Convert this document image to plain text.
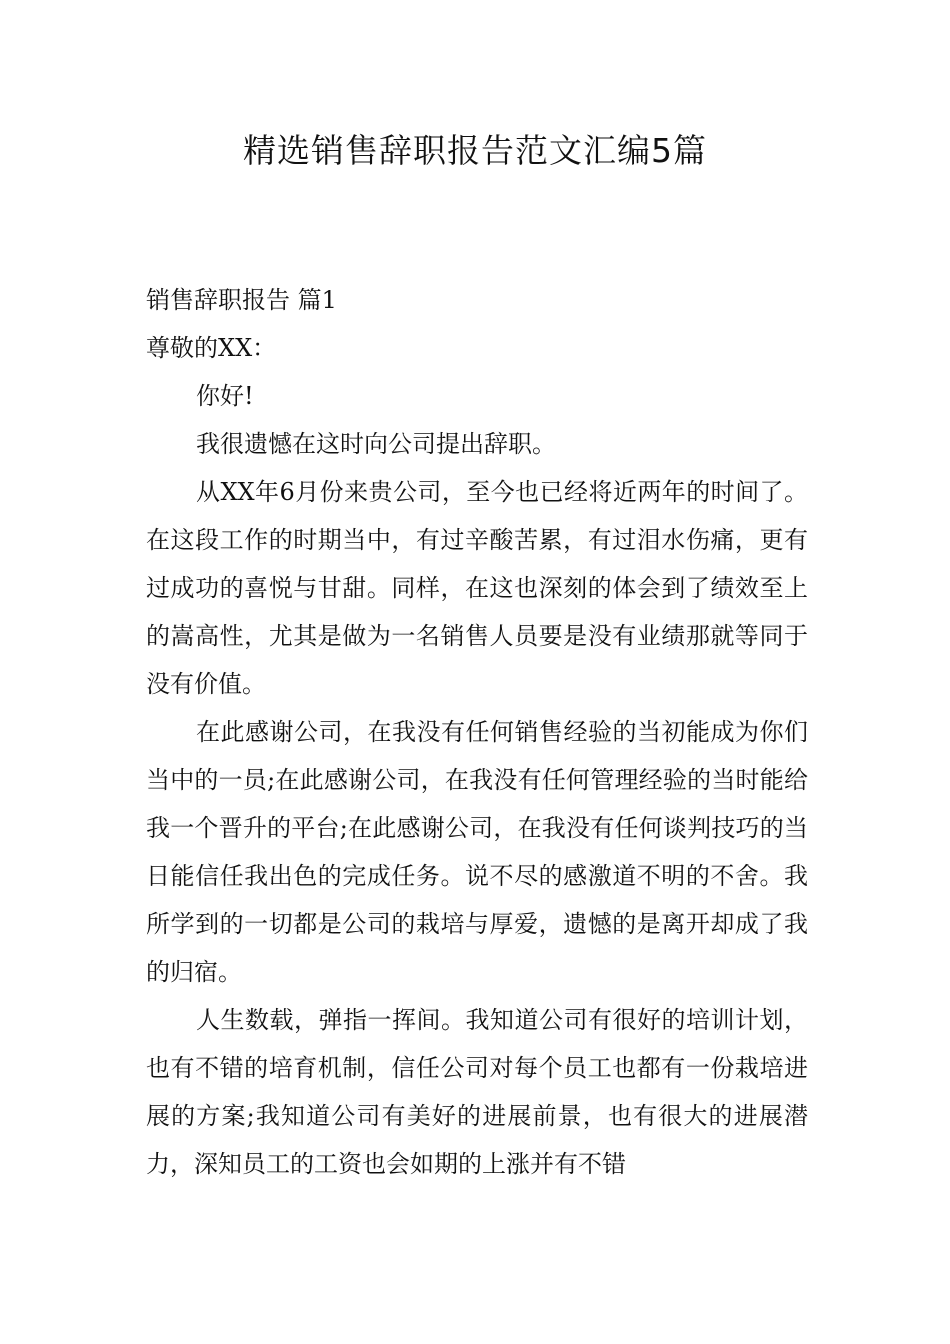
精选销售辞职报告范文汇编5篇

销售辞职报告 篇1

尊敬的XX：

你好!

我很遗憾在这时向公司提出辞职。

从XX年6月份来贵公司，至今也已经将近两年的时间了。在这段工作的时期当中，有过辛酸苦累，有过泪水伤痛，更有过成功的喜悦与甘甜。同样，在这也深刻的体会到了绩效至上的嵩高性，尤其是做为一名销售人员要是没有业绩那就等同于没有价值。

在此感谢公司，在我没有任何销售经验的当初能成为你们当中的一员;在此感谢公司，在我没有任何管理经验的当时能给我一个晋升的平台;在此感谢公司，在我没有任何谈判技巧的当日能信任我出色的完成任务。说不尽的感激道不明的不舍。我所学到的一切都是公司的栽培与厚爱，遗憾的是离开却成了我的归宿。

人生数载，弹指一挥间。我知道公司有很好的培训计划，也有不错的培育机制，信任公司对每个员工也都有一份栽培进展的方案;我知道公司有美好的进展前景，也有很大的进展潜力，深知员工的工资也会如期的上涨并有不错
